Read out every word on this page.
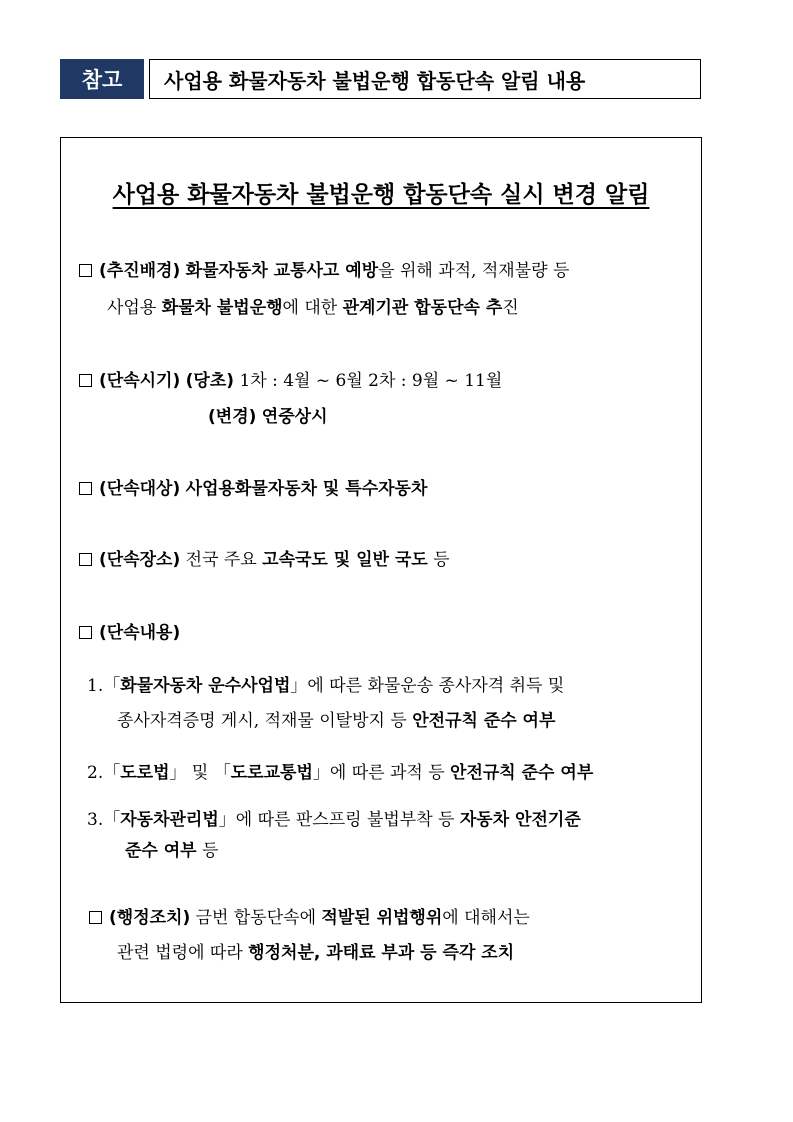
참고	사업용 화물자동차 불법운행 합동단속 알림 내용
사업용 화물자동차 불법운행 합동단속 실시 변경 알림
(추진배경) 화물자동차 교통사고 예방을 위해 과적, 적재불량 등
사업용 화물차 불법운행에 대한 관계기관 합동단속 추진
(단속시기) (당초) 1차 : 4월 ~ 6월 2차 : 9월 ~ 11월
(변경) 연중상시
(단속대상) 사업용화물자동차 및 특수자동차
(단속장소) 전국 주요 고속국도 및 일반 국도 등
(단속내용)
1.「화물자동차 운수사업법」에 따른 화물운송 종사자격 취득 및
종사자격증명 게시, 적재물 이탈방지 등 안전규칙 준수 여부
2.「도로법」 및 「도로교통법」에 따른 과적 등 안전규칙 준수 여부
3.「자동차관리법」에 따른 판스프링 불법부착 등 자동차 안전기준
준수 여부 등
(행정조치) 금번 합동단속에 적발된 위법행위에 대해서는
관련 법령에 따라 행정처분, 과태료 부과 등 즉각 조치
